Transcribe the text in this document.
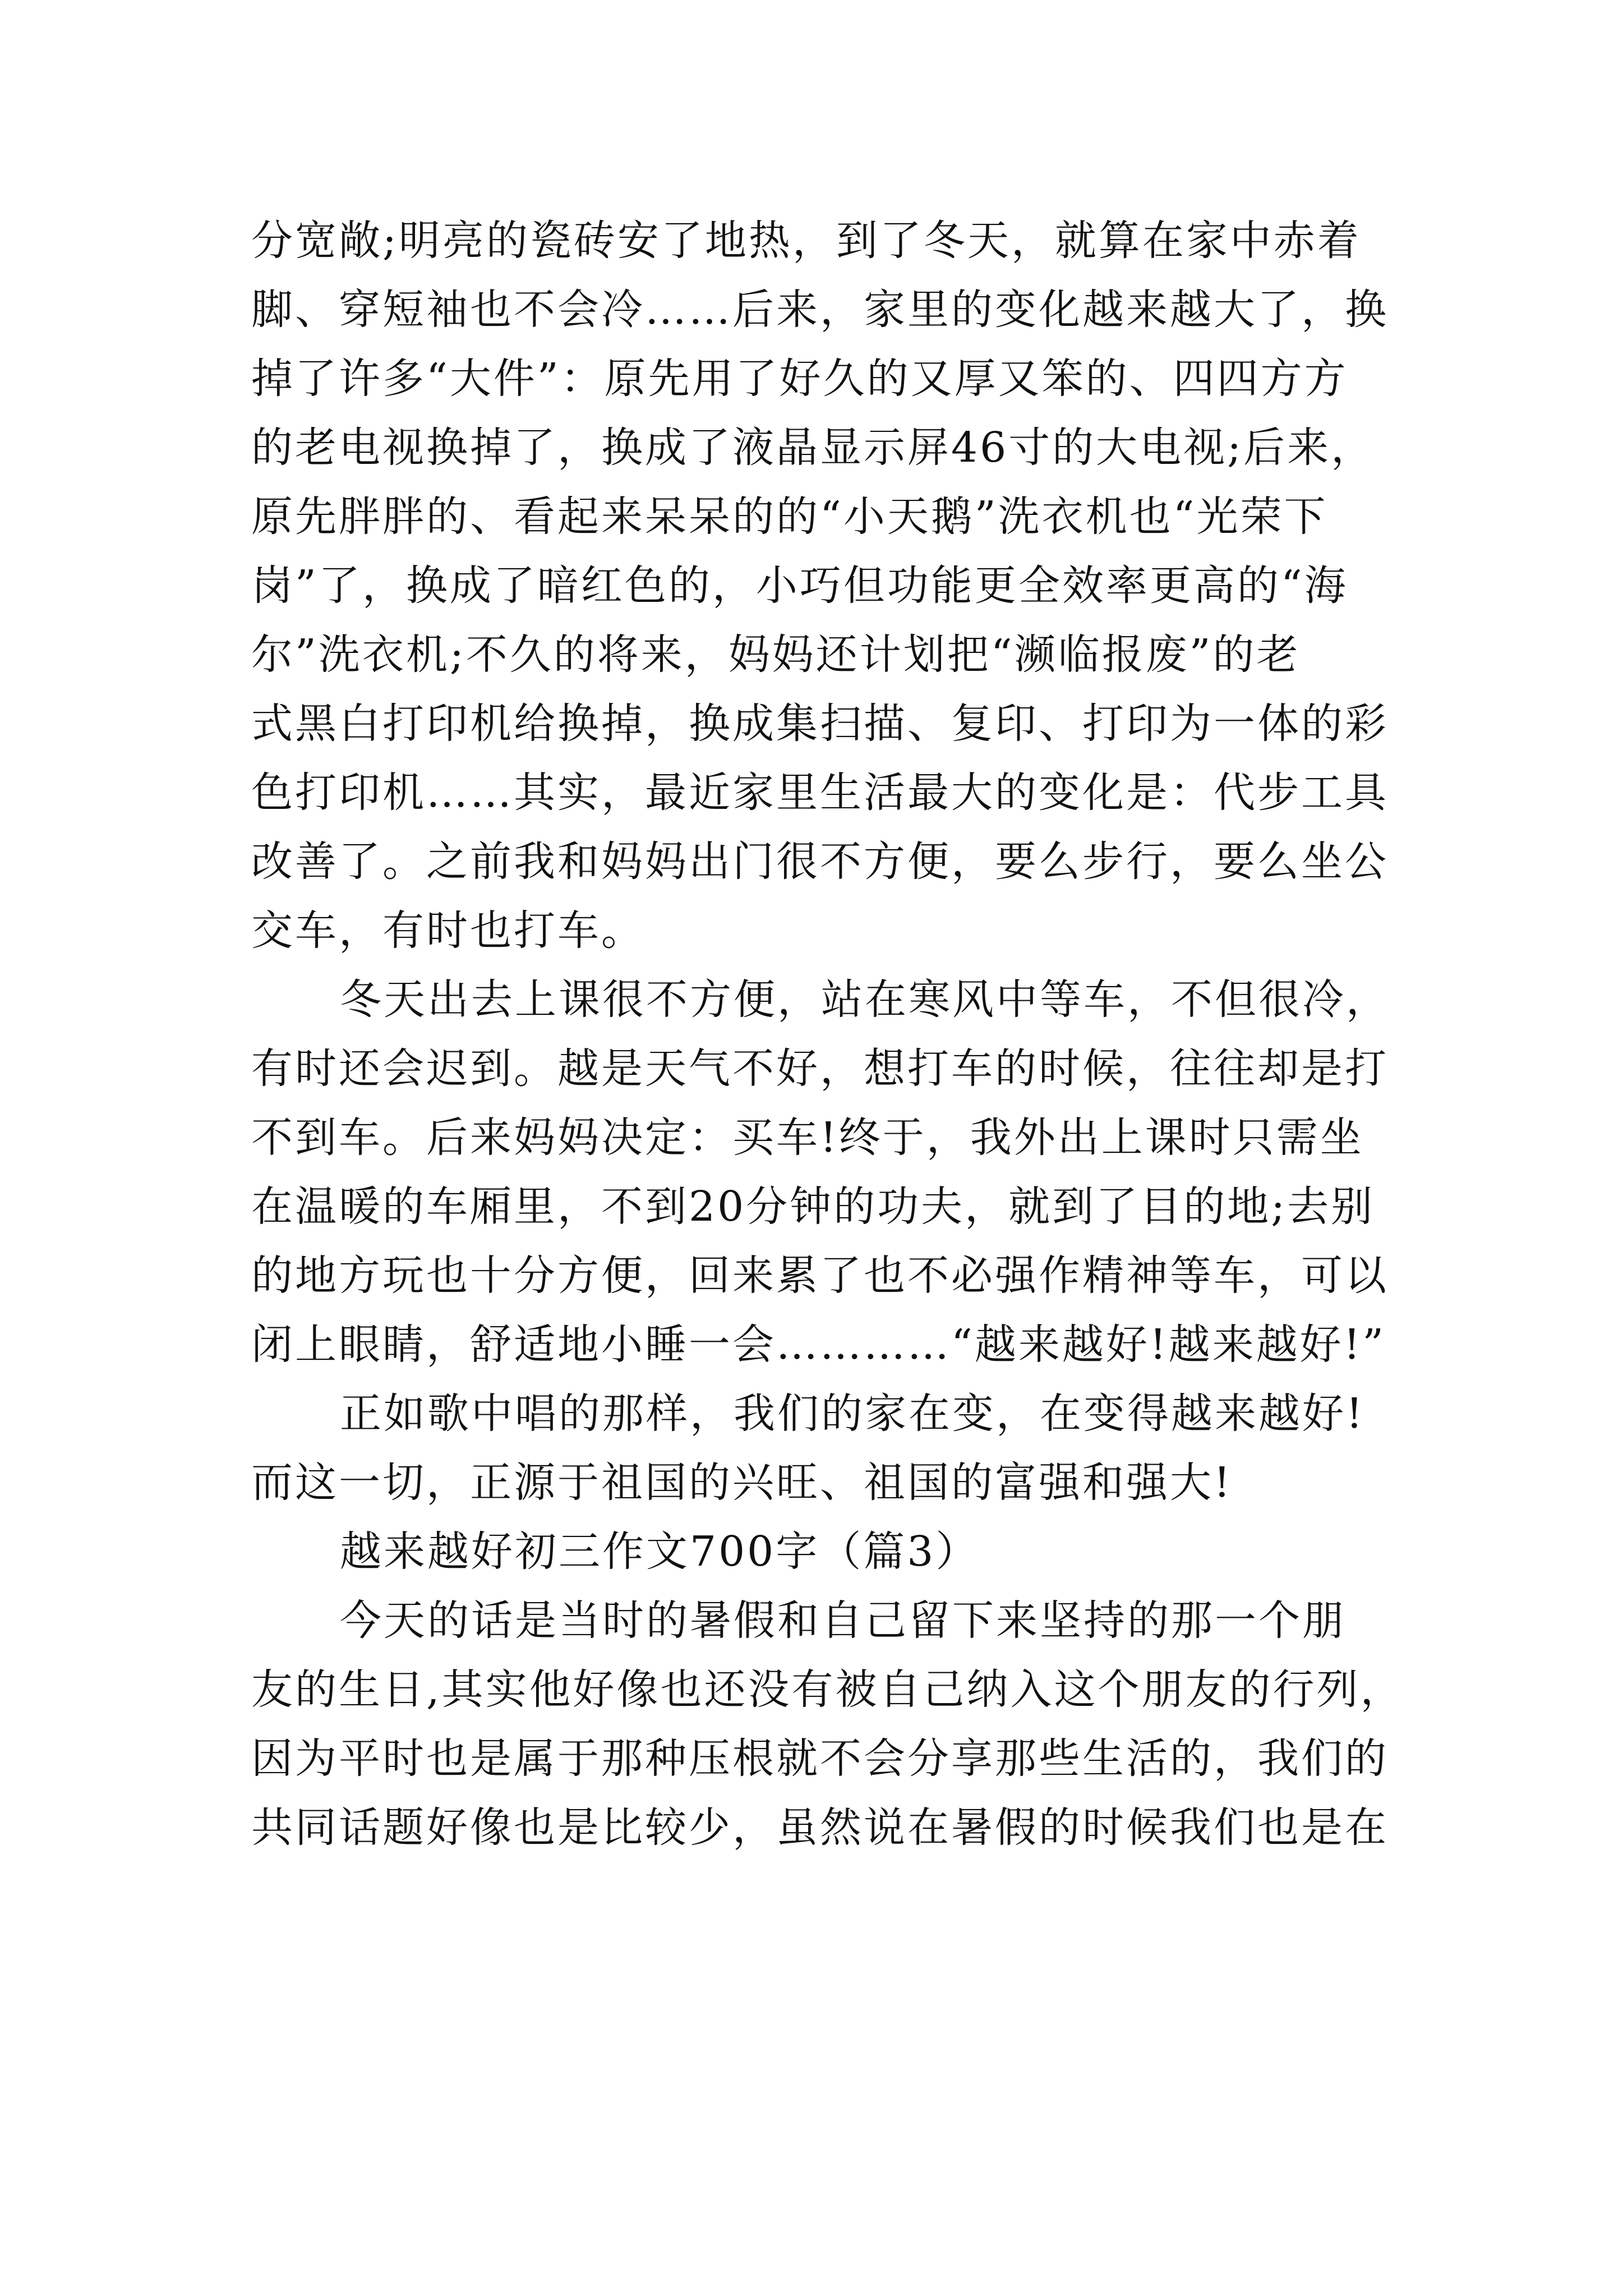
分宽敞;明亮的瓷砖安了地热，到了冬天，就算在家中赤着
脚、穿短袖也不会冷……后来，家里的变化越来越大了，换
掉了许多“大件”：原先用了好久的又厚又笨的、四四方方
的老电视换掉了，换成了液晶显示屏46寸的大电视;后来，
原先胖胖的、看起来呆呆的的“小天鹅”洗衣机也“光荣下
岗”了，换成了暗红色的，小巧但功能更全效率更高的“海
尔”洗衣机;不久的将来，妈妈还计划把“濒临报废”的老
式黑白打印机给换掉，换成集扫描、复印、打印为一体的彩
色打印机……其实，最近家里生活最大的变化是：代步工具
改善了。之前我和妈妈出门很不方便，要么步行，要么坐公
交车，有时也打车。
冬天出去上课很不方便，站在寒风中等车，不但很冷，
有时还会迟到。越是天气不好，想打车的时候，往往却是打
不到车。后来妈妈决定：买车!终于，我外出上课时只需坐
在温暖的车厢里，不到20分钟的功夫，就到了目的地;去别
的地方玩也十分方便，回来累了也不必强作精神等车，可以
闭上眼睛，舒适地小睡一会…………“越来越好!越来越好!”
正如歌中唱的那样，我们的家在变，在变得越来越好!
而这一切，正源于祖国的兴旺、祖国的富强和强大!
越来越好初三作文700字（篇3）
今天的话是当时的暑假和自己留下来坚持的那一个朋
友的生日,其实他好像也还没有被自己纳入这个朋友的行列，
因为平时也是属于那种压根就不会分享那些生活的，我们的
共同话题好像也是比较少，虽然说在暑假的时候我们也是在
